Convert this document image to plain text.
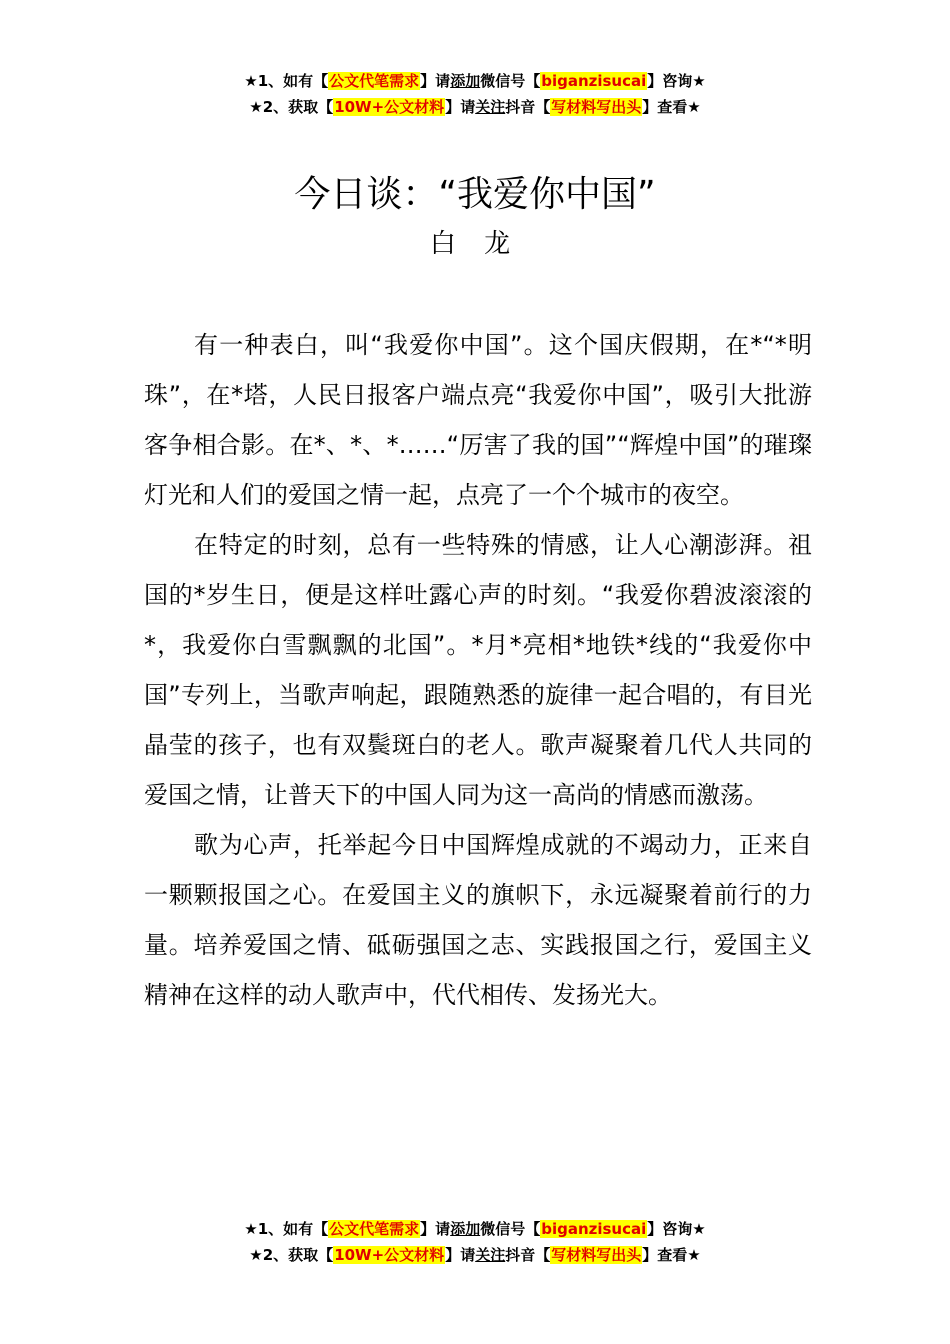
★1、如有【公文代笔需求】请添加微信号【biganzisucai】咨询★
★2、获取【10W+公文材料】请关注抖音【写材料写出头】查看★
今日谈：“我爱你中国”
白 龙

有一种表白，叫“我爱你中国”。这个国庆假期，在*“*明珠”，在*塔，人民日报客户端点亮“我爱你中国”，吸引大批游客争相合影。在*、*、*……“厉害了我的国”“辉煌中国”的璀璨灯光和人们的爱国之情一起，点亮了一个个城市的夜空。

在特定的时刻，总有一些特殊的情感，让人心潮澎湃。祖国的*岁生日，便是这样吐露心声的时刻。“我爱你碧波滚滚的*，我爱你白雪飘飘的北国”。*月*亮相*地铁*线的“我爱你中国”专列上，当歌声响起，跟随熟悉的旋律一起合唱的，有目光晶莹的孩子，也有双鬓斑白的老人。歌声凝聚着几代人共同的爱国之情，让普天下的中国人同为这一高尚的情感而激荡。

歌为心声，托举起今日中国辉煌成就的不竭动力，正来自一颗颗报国之心。在爱国主义的旗帜下，永远凝聚着前行的力量。培养爱国之情、砥砺强国之志、实践报国之行，爱国主义精神在这样的动人歌声中，代代相传、发扬光大。

★1、如有【公文代笔需求】请添加微信号【biganzisucai】咨询★
★2、获取【10W+公文材料】请关注抖音【写材料写出头】查看★
